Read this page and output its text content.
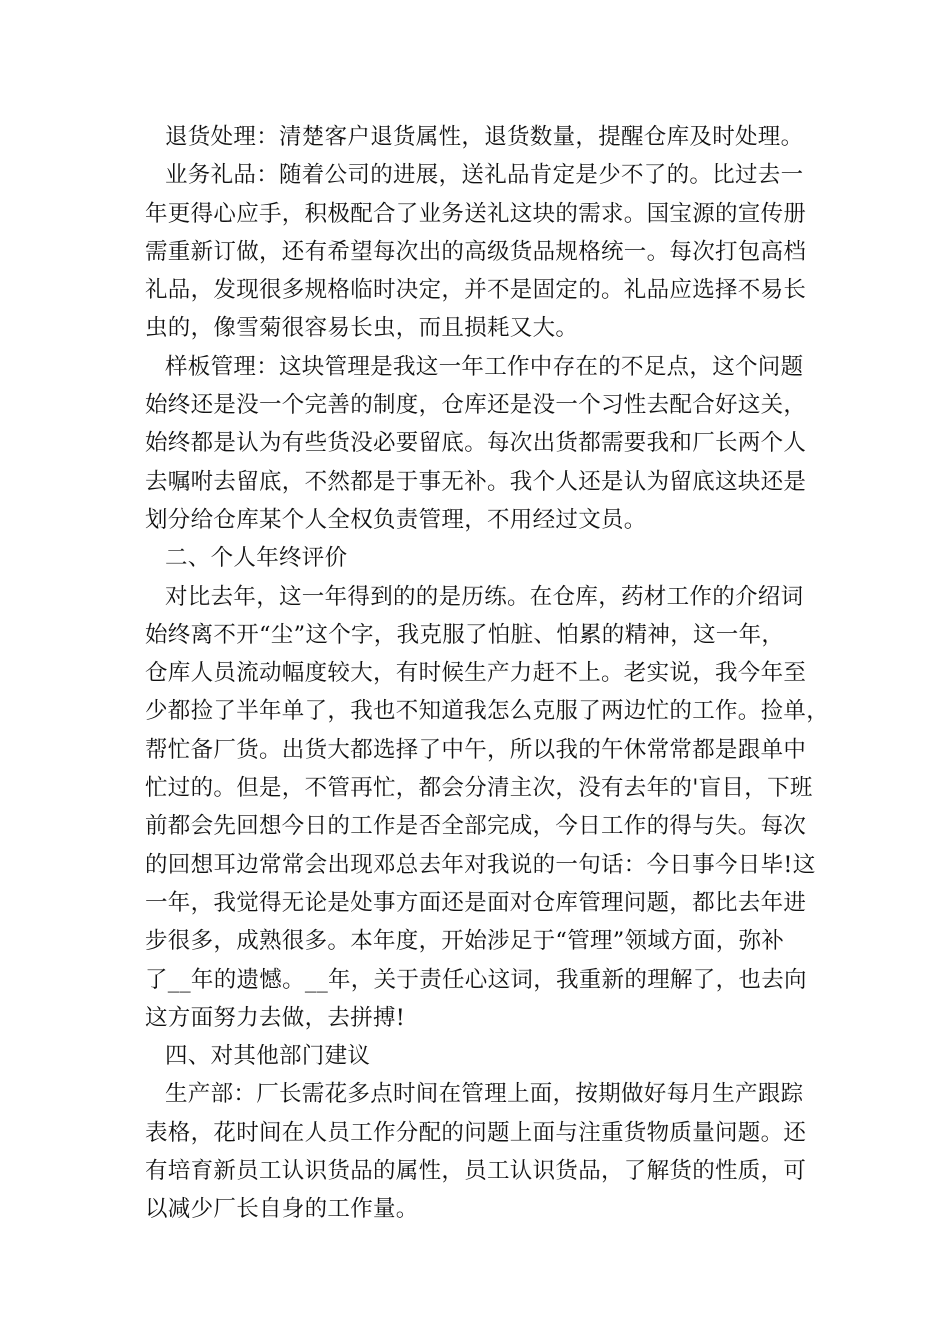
退货处理：清楚客户退货属性，退货数量，提醒仓库及时处理。
业务礼品：随着公司的进展，送礼品肯定是少不了的。比过去一
年更得心应手，积极配合了业务送礼这块的需求。国宝源的宣传册
需重新订做，还有希望每次出的高级货品规格统一。每次打包高档
礼品，发现很多规格临时决定，并不是固定的。礼品应选择不易长
虫的，像雪菊很容易长虫，而且损耗又大。
样板管理：这块管理是我这一年工作中存在的不足点，这个问题
始终还是没一个完善的制度，仓库还是没一个习性去配合好这关，
始终都是认为有些货没必要留底。每次出货都需要我和厂长两个人
去嘱咐去留底，不然都是于事无补。我个人还是认为留底这块还是
划分给仓库某个人全权负责管理，不用经过文员。
二、个人年终评价
对比去年，这一年得到的的是历练。在仓库，药材工作的介绍词
始终离不开“尘”这个字，我克服了怕脏、怕累的精神，这一年，
仓库人员流动幅度较大，有时候生产力赶不上。老实说，我今年至
少都捡了半年单了，我也不知道我怎么克服了两边忙的工作。捡单，
帮忙备厂货。出货大都选择了中午，所以我的午休常常都是跟单中
忙过的。但是，不管再忙，都会分清主次，没有去年的'盲目，下班
前都会先回想今日的工作是否全部完成，今日工作的得与失。每次
的回想耳边常常会出现邓总去年对我说的一句话：今日事今日毕!这
一年，我觉得无论是处事方面还是面对仓库管理问题，都比去年进
步很多，成熟很多。本年度，开始涉足于“管理”领域方面，弥补
了__年的遗憾。__年，关于责任心这词，我重新的理解了，也去向
这方面努力去做，去拼搏!
四、对其他部门建议
生产部：厂长需花多点时间在管理上面，按期做好每月生产跟踪
表格，花时间在人员工作分配的问题上面与注重货物质量问题。还
有培育新员工认识货品的属性，员工认识货品，了解货的性质，可
以减少厂长自身的工作量。
